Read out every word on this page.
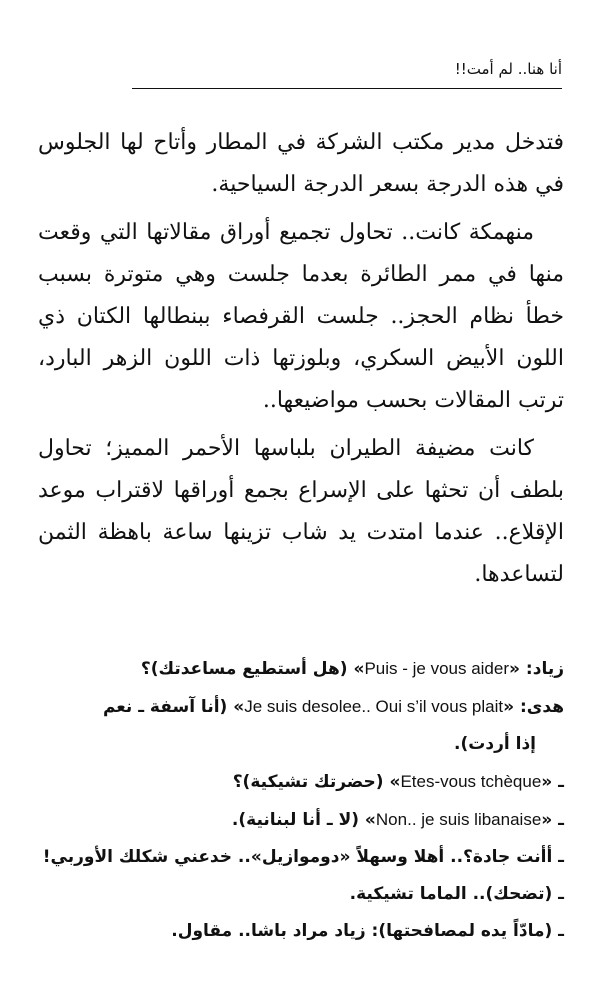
أنا هنا.. لم أمت!!

فتدخل مدير مكتب الشركة في المطار وأتاح لها الجلوس في هذه الدرجة بسعر الدرجة السياحية.

منهمكة كانت.. تحاول تجميع أوراق مقالاتها التي وقعت منها في ممر الطائرة بعدما جلست وهي متوترة بسبب خطأ نظام الحجز.. جلست القرفصاء ببنطالها الكتان ذي اللون الأبيض السكري، وبلوزتها ذات اللون الزهر البارد، ترتب المقالات بحسب مواضيعها..

كانت مضيفة الطيران بلباسها الأحمر المميز؛ تحاول بلطف أن تحثها على الإسراع بجمع أوراقها لاقتراب موعد الإقلاع.. عندما امتدت يد شاب تزينها ساعة باهظة الثمن لتساعدها.

زياد: «Puis - je vous aider» (هل أستطيع مساعدتك)؟

هدى: «Je suis desolee.. Oui s’il vous plait» (أنا آسفة ـ نعم

إذا أردت).

ـ «Etes-vous tchèque» (حضرتك تشيكية)؟

ـ «Non.. je suis libanaise» (لا ـ أنا لبنانية).

ـ أأنت جادة؟.. أهلا وسهلاً «دوموازيل».. خدعني شكلك الأوربي!

ـ (تضحك).. الماما تشيكية.

ـ (مادّاً يده لمصافحتها): زياد مراد باشا.. مقاول.
